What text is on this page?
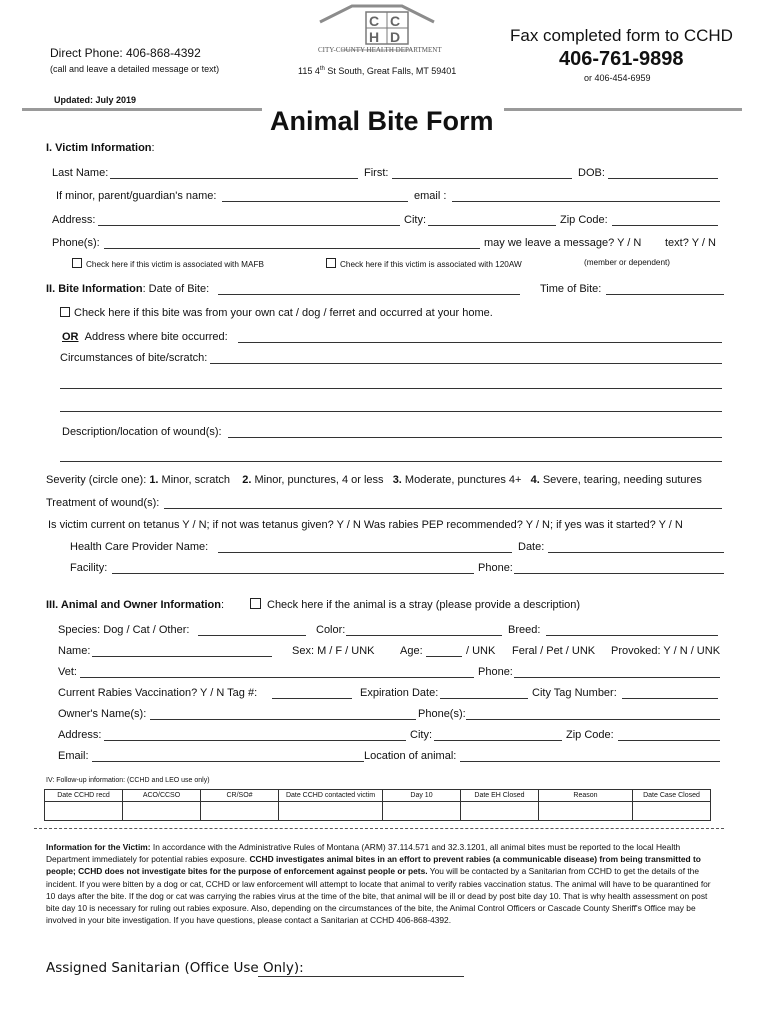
Direct Phone: 406-868-4392
(call and leave a detailed message or text)
C C
H D
CITY-COUNTY HEALTH DEPARTMENT
115 4th St South, Great Falls, MT 59401
Fax completed form to CCHD
406-761-9898
or 406-454-6959
Updated: July 2019
Animal Bite Form
I. Victim Information:
Last Name:	First:	DOB:
If minor, parent/guardian's name:	email :
Address:	City:	Zip Code:
Phone(s):	may we leave a message? Y / N text? Y / N
Check here if this victim is associated with MAFB	Check here if this victim is associated with 120AW	(member or dependent)
II. Bite Information: Date of Bite:	Time of Bite:
Check here if this bite was from your own cat / dog / ferret and occurred at your home.
OR Address where bite occurred:
Circumstances of bite/scratch:
Description/location of wound(s):
Severity (circle one): 1. Minor, scratch 2. Minor, punctures, 4 or less 3. Moderate, punctures 4+ 4. Severe, tearing, needing sutures
Treatment of wound(s):
Is victim current on tetanus Y / N; if not was tetanus given? Y / N Was rabies PEP recommended? Y / N; if yes was it started? Y / N
Health Care Provider Name:	Date:
Facility:	Phone:
III. Animal and Owner Information:	Check here if the animal is a stray (please provide a description)
Species: Dog / Cat / Other:	Color:	Breed:
Name:	Sex: M / F / UNK Age:	/ UNK Feral / Pet / UNK Provoked: Y / N / UNK
Vet:	Phone:
Current Rabies Vaccination? Y / N Tag #:	Expiration Date:	City Tag Number:
Owner's Name(s):	Phone(s):
Address:	City:	Zip Code:
Email:	Location of animal:
IV: Follow-up information: (CCHD and LEO use only)
Date CCHD recd	ACO/CCSO	CR/SO#	Date CCHD contacted victim	Day 10	Date EH Closed	Reason	Date Case Closed

Information for the Victim: In accordance with the Administrative Rules of Montana (ARM) 37.114.571 and 32.3.1201, all animal bites must be reported to the local Health Department immediately for potential rabies exposure. CCHD investigates animal bites in an effort to prevent rabies (a communicable disease) from being transmitted to people; CCHD does not investigate bites for the purpose of enforcement against people or pets. You will be contacted by a Sanitarian from CCHD to get the details of the incident. If you were bitten by a dog or cat, CCHD or law enforcement will attempt to locate that animal to verify rabies vaccination status. The animal will have to be quarantined for 10 days after the bite. If the dog or cat was carrying the rabies virus at the time of the bite, that animal will be ill or dead by post bite day 10. That is why health assessment on post bite day 10 is necessary for ruling out rabies exposure. Also, depending on the circumstances of the bite, the Animal Control Officers or Cascade County Sheriff's Office may be involved in your bite investigation. If you have questions, please contact a Sanitarian at CCHD 406-868-4392.
Assigned Sanitarian (Office Use Only):
